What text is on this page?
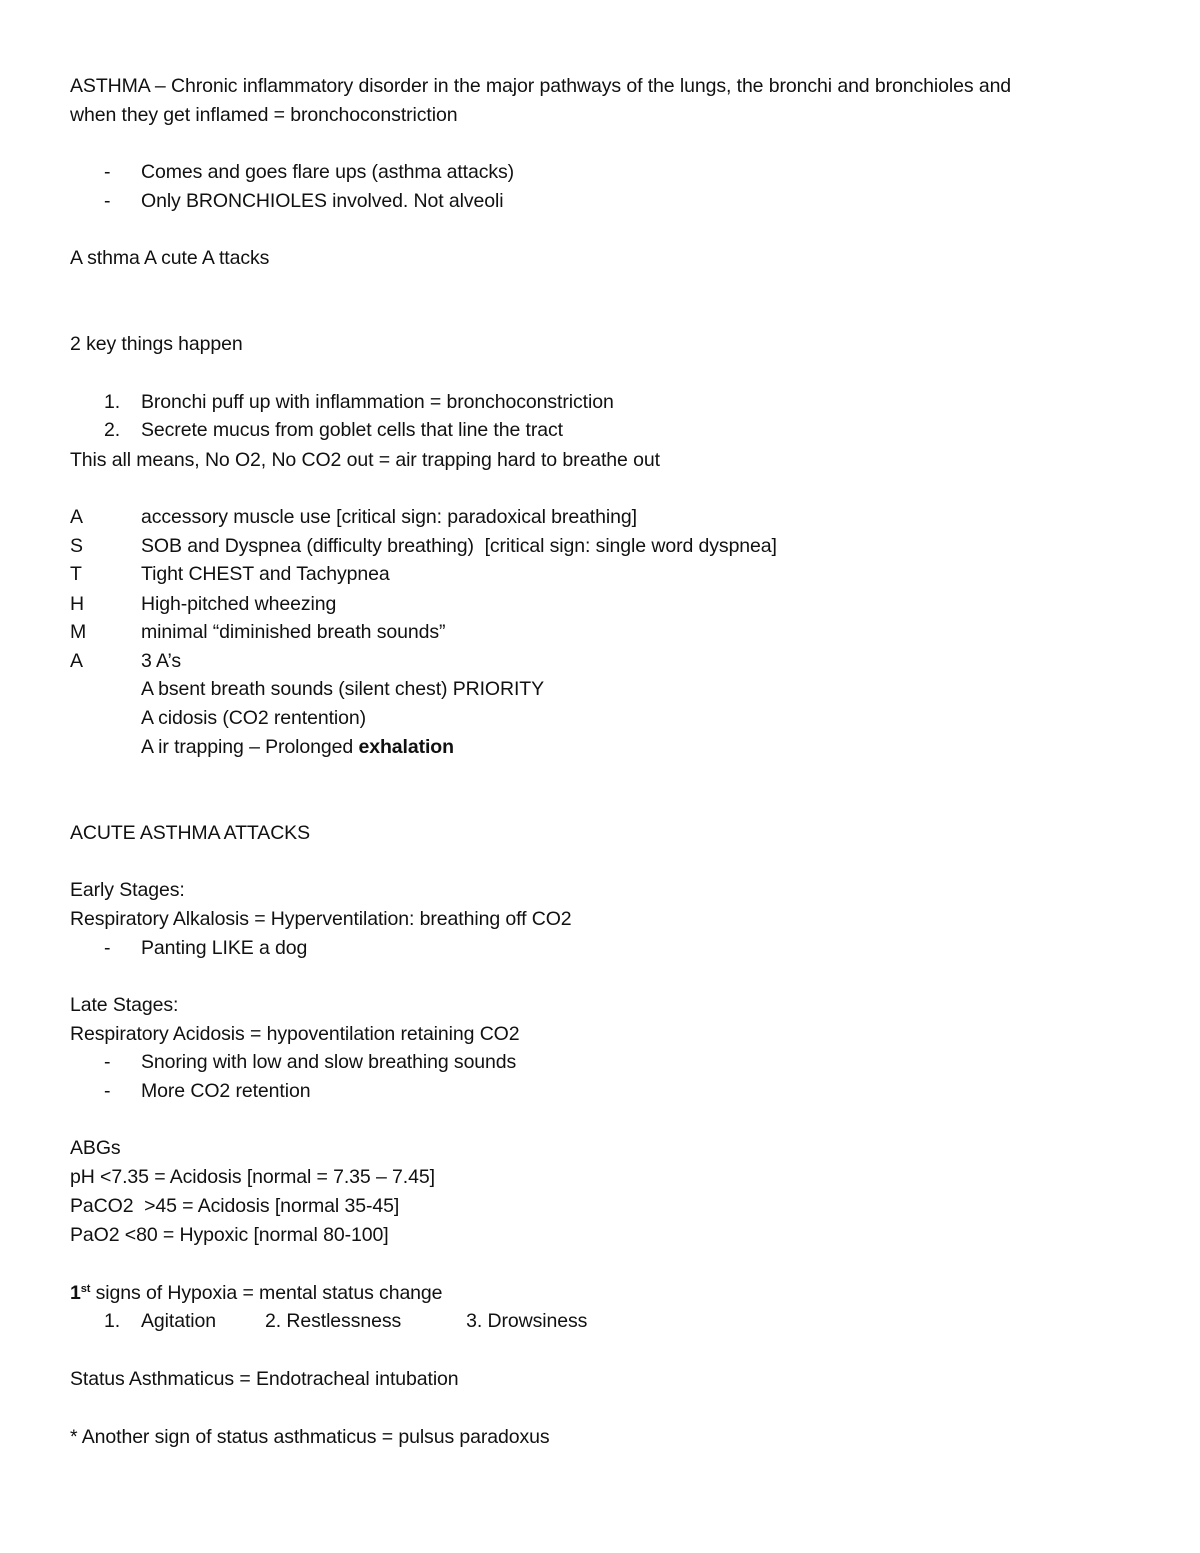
ASTHMA – Chronic inflammatory disorder in the major pathways of the lungs, the bronchi and bronchioles and
when they get inflamed = bronchoconstriction
- Comes and goes flare ups (asthma attacks)
- Only BRONCHIOLES involved. Not alveoli
A sthma A cute A ttacks
2 key things happen
1. Bronchi puff up with inflammation = bronchoconstriction
2. Secrete mucus from goblet cells that line the tract
This all means, No O2, No CO2 out = air trapping hard to breathe out
A	accessory muscle use [critical sign: paradoxical breathing]
S	SOB and Dyspnea (difficulty breathing)  [critical sign: single word dyspnea]
T	Tight CHEST and Tachypnea
H	High-pitched wheezing
M	minimal “diminished breath sounds”
A	3 A’s
A bsent breath sounds (silent chest) PRIORITY
A cidosis (CO2 rentention)
A ir trapping – Prolonged exhalation
ACUTE ASTHMA ATTACKS
Early Stages:
Respiratory Alkalosis = Hyperventilation: breathing off CO2
- Panting LIKE a dog
Late Stages:
Respiratory Acidosis = hypoventilation retaining CO2
- Snoring with low and slow breathing sounds
- More CO2 retention
ABGs
pH <7.35 = Acidosis [normal = 7.35 – 7.45]
PaCO2  >45 = Acidosis [normal 35-45]
PaO2 <80 = Hypoxic [normal 80-100]
1st signs of Hypoxia = mental status change
1. Agitation	2. Restlessness	3. Drowsiness
Status Asthmaticus = Endotracheal intubation
* Another sign of status asthmaticus = pulsus paradoxus
